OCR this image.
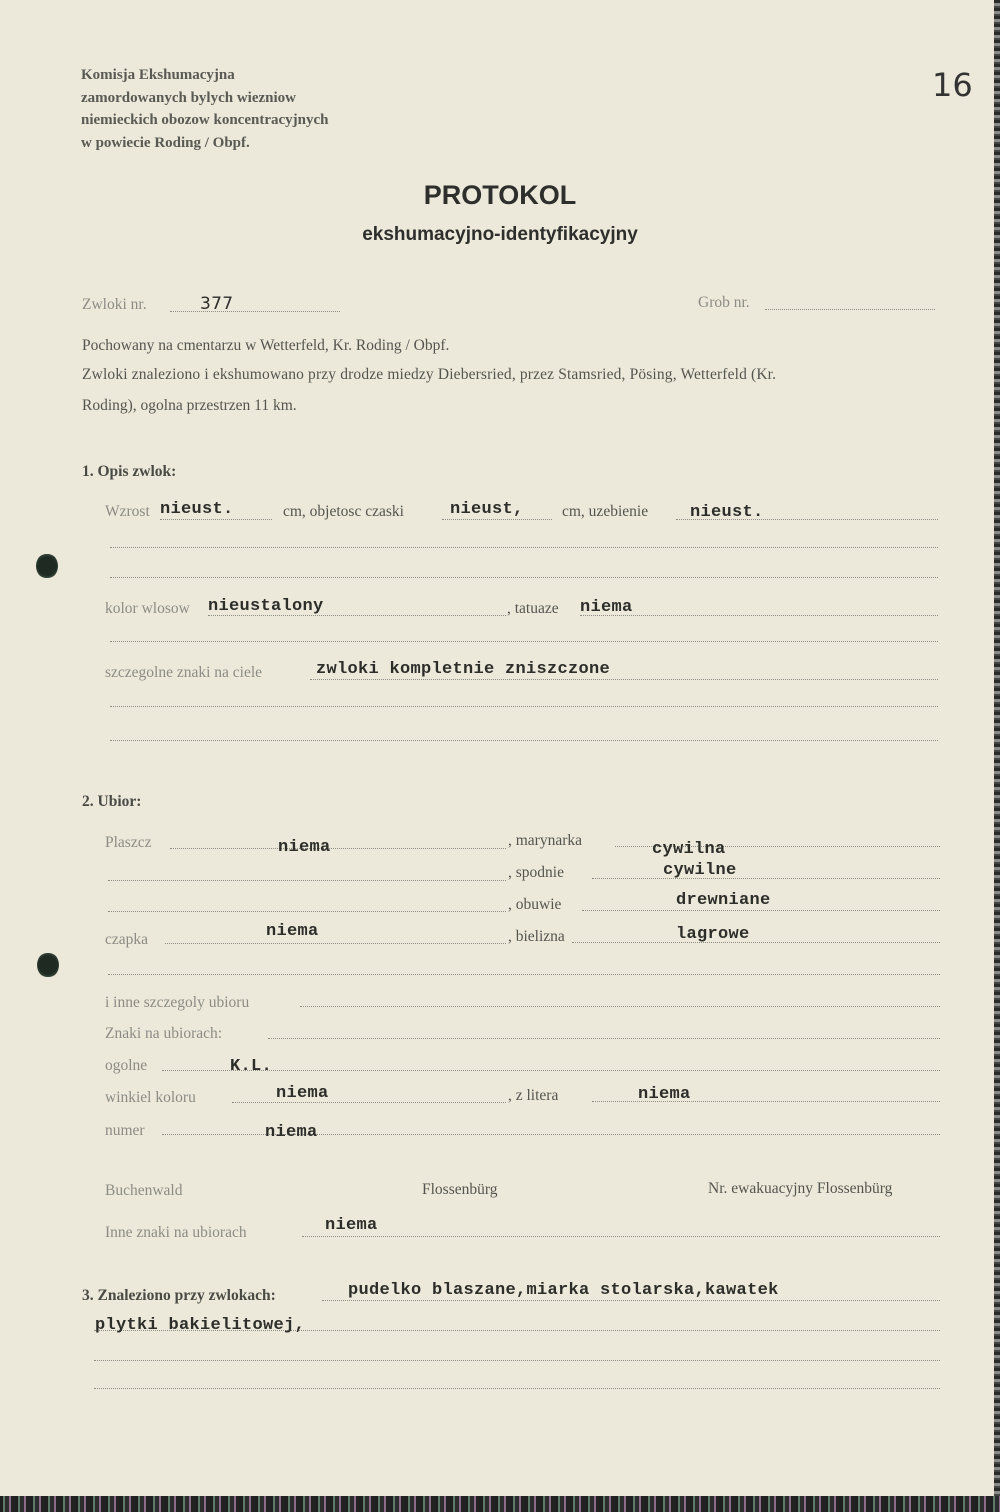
Komisja Ekshumacyjna
zamordowanych bylych wiezniow
niemieckich obozow koncentracyjnych
w powiecie Roding / Obpf.
16
PROTOKOL
ekshumacyjno-identyfikacyjny
Zwloki nr.	377	Grob nr.
Pochowany na cmentarzu w Wetterfeld, Kr. Roding / Obpf.
Zwloki znaleziono i ekshumowano przy drodze miedzy Diebersried, przez Stamsried, Pösing, Wetterfeld (Kr.
Roding), ogolna przestrzen 11 km.
1. Opis zwlok:
Wzrost nieust.	cm, objetosc czaski	nieust, cm, uzebienie nieust.
kolor wlosow nieustalony	, tatuaze niema
szczegolne znaki na ciele	zwloki kompletnie zniszczone
2. Ubior:
Plaszcz	niema	, marynarka	cywilna
, spodnie	cywilne
, obuwie	drewniane
czapka	niema	, bielizna	lagrowe
i inne szczegoly ubioru
Znaki na ubiorach:
ogolne	K.L.
winkiel koloru	niema	, z litera	niema
numer	niema
Buchenwald	Flossenbürg	Nr. ewakuacyjny Flossenbürg
Inne znaki na ubiorach	niema
3. Znaleziono przy zwlokach:	pudelko blaszane,miarka stolarska,kawatek
plytki bakielitowej,
